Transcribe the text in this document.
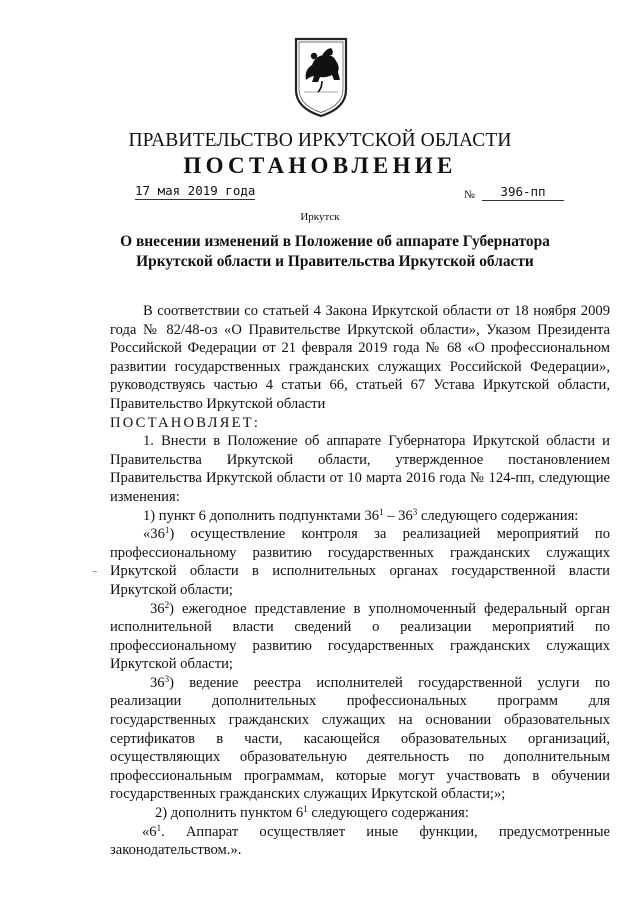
ПРАВИТЕЛЬСТВО ИРКУТСКОЙ ОБЛАСТИ
ПОСТАНОВЛЕНИЕ
17 мая 2019 года	№	396-пп
Иркутск
О внесении изменений в Положение об аппарате Губернатора
Иркутской области и Правительства Иркутской области

В соответствии со статьей 4 Закона Иркутской области от 18 ноября 2009 года № 82/48-оз «О Правительстве Иркутской области», Указом Президента Российской Федерации от 21 февраля 2019 года № 68 «О профессиональном развитии государственных гражданских служащих Российской Федерации», руководствуясь частью 4 статьи 66, статьей 67 Устава Иркутской области, Правительство Иркутской области

ПОСТАНОВЛЯЕТ:

1. Внести в Положение об аппарате Губернатора Иркутской области и Правительства Иркутской области, утвержденное постановлением Правительства Иркутской области от 10 марта 2016 года № 124-пп, следующие изменения:

1) пункт 6 дополнить подпунктами $36^1 - 36^3$ следующего содержания:

«$36^1$) осуществление контроля за реализацией мероприятий по профессиональному развитию государственных гражданских служащих Иркутской области в исполнительных органах государственной власти Иркутской области;

$36^2$) ежегодное представление в уполномоченный федеральный орган исполнительной власти сведений о реализации мероприятий по профессиональному развитию государственных гражданских служащих Иркутской области;

$36^3$) ведение реестра исполнителей государственной услуги по реализации дополнительных профессиональных программ для государственных гражданских служащих на основании образовательных сертификатов в части, касающейся образовательных организаций, осуществляющих образовательную деятельность по дополнительным профессиональным программам, которые могут участвовать в обучении государственных гражданских служащих Иркутской области;»;

2) дополнить пунктом $6^1$ следующего содержания:

«$6^1$. Аппарат осуществляет иные функции, предусмотренные законодательством.».
